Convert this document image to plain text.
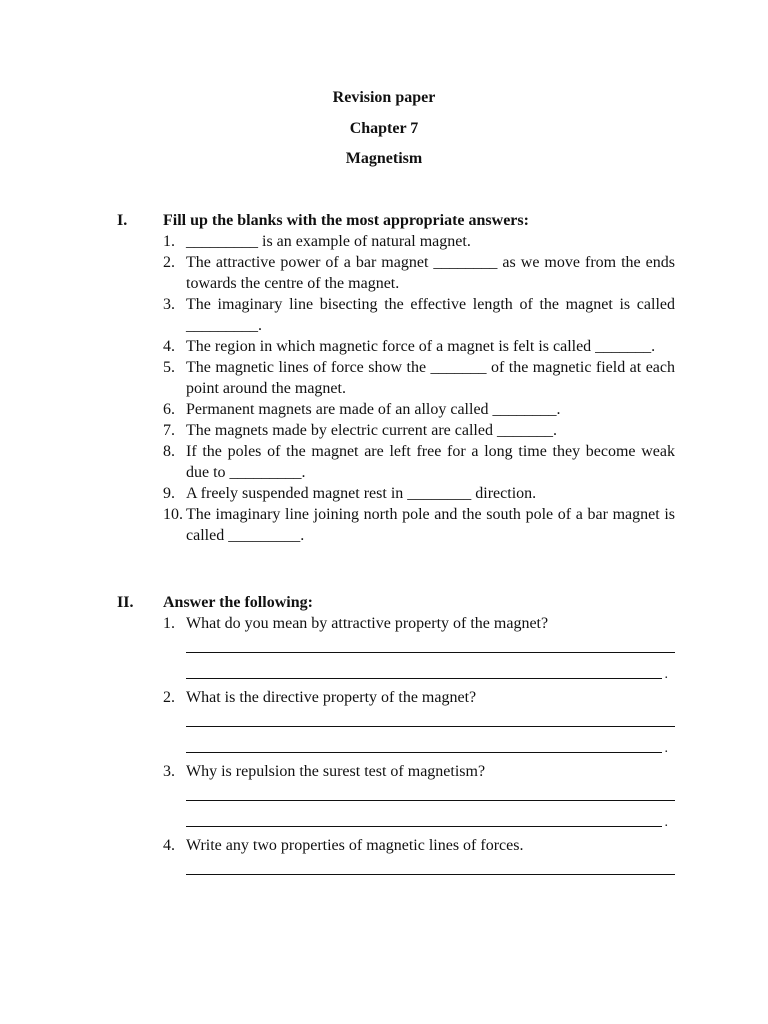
Revision paper
Chapter 7
Magnetism
I. Fill up the blanks with the most appropriate answers:
1. _________ is an example of natural magnet.
2. The attractive power of a bar magnet ________ as we move from the ends towards the centre of the magnet.
3. The imaginary line bisecting the effective length of the magnet is called _________.
4. The region in which magnetic force of a magnet is felt is called _______.
5. The magnetic lines of force show the _______ of the magnetic field at each point around the magnet.
6. Permanent magnets are made of an alloy called ________.
7. The magnets made by electric current are called _______.
8. If the poles of the magnet are left free for a long time they become weak due to _________.
9. A freely suspended magnet rest in ________ direction.
10. The imaginary line joining north pole and the south pole of a bar magnet is called _________.
II. Answer the following:
1. What do you mean by attractive property of the magnet?
.
2. What is the directive property of the magnet?
.
3. Why is repulsion the surest test of magnetism?
.
4. Write any two properties of magnetic lines of forces.
